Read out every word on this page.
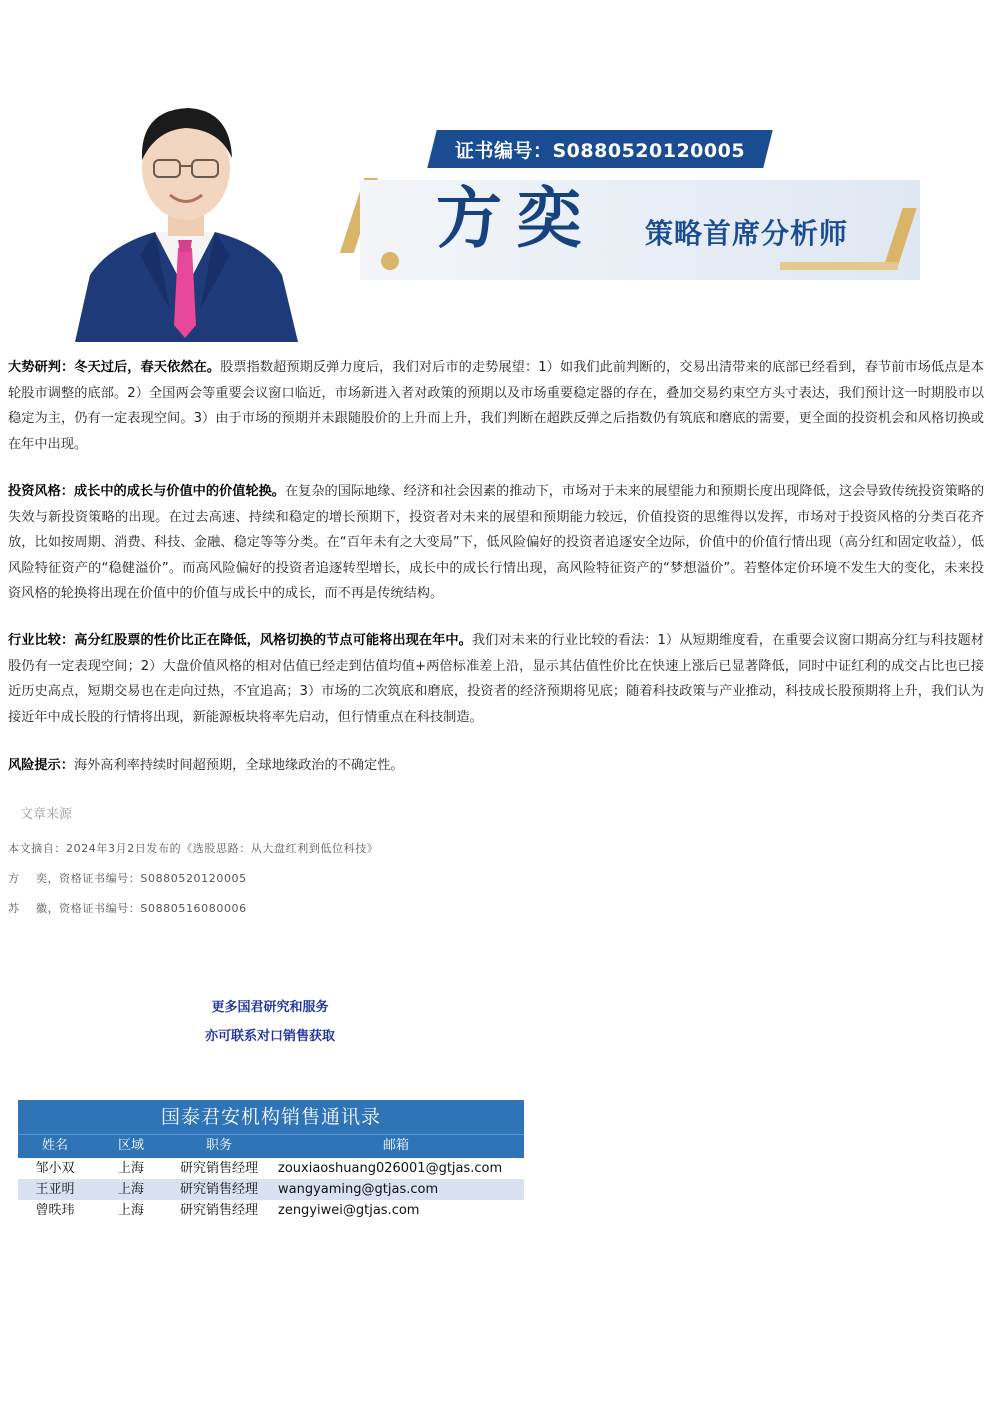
证书编号：S0880520120005
方奕 策略首席分析师

大势研判：冬天过后，春天依然在。股票指数超预期反弹力度后，我们对后市的走势展望：1）如我们此前判断的，交易出清带来的底部已经看到，春节前市场低点是本轮股市调整的底部。2）全国两会等重要会议窗口临近，市场新进入者对政策的预期以及市场重要稳定器的存在，叠加交易约束空方头寸表达，我们预计这一时期股市以稳定为主，仍有一定表现空间。3）由于市场的预期并未跟随股价的上升而上升，我们判断在超跌反弹之后指数仍有筑底和磨底的需要，更全面的投资机会和风格切换或在年中出现。

投资风格：成长中的成长与价值中的价值轮换。在复杂的国际地缘、经济和社会因素的推动下，市场对于未来的展望能力和预期长度出现降低，这会导致传统投资策略的失效与新投资策略的出现。在过去高速、持续和稳定的增长预期下，投资者对未来的展望和预期能力较远，价值投资的思维得以发挥，市场对于投资风格的分类百花齐放，比如按周期、消费、科技、金融、稳定等等分类。在“百年未有之大变局”下，低风险偏好的投资者追逐安全边际，价值中的价值行情出现（高分红和固定收益），低风险特征资产的“稳健溢价”。而高风险偏好的投资者追逐转型增长，成长中的成长行情出现，高风险特征资产的“梦想溢价”。若整体定价环境不发生大的变化，未来投资风格的轮换将出现在价值中的价值与成长中的成长，而不再是传统结构。

行业比较：高分红股票的性价比正在降低，风格切换的节点可能将出现在年中。我们对未来的行业比较的看法：1）从短期维度看，在重要会议窗口期高分红与科技题材股仍有一定表现空间；2）大盘价值风格的相对估值已经走到估值均值+两倍标准差上沿，显示其估值性价比在快速上涨后已显著降低，同时中证红利的成交占比也已接近历史高点，短期交易也在走向过热，不宜追高；3）市场的二次筑底和磨底，投资者的经济预期将见底；随着科技政策与产业推动，科技成长股预期将上升，我们认为接近年中成长股的行情将出现，新能源板块将率先启动，但行情重点在科技制造。

风险提示：海外高利率持续时间超预期，全球地缘政治的不确定性。

文章来源
本文摘自：2024年3月2日发布的《选股思路：从大盘红利到低位科技》
方    奕，资格证书编号：S0880520120005
苏    徽，资格证书编号：S0880516080006
更多国君研究和服务
亦可联系对口销售获取
国泰君安机构销售通讯录
姓名	区域	职务	邮箱
邹小双	上海	研究销售经理	zouxiaoshuang026001@gtjas.com
王亚明	上海	研究销售经理	wangyaming@gtjas.com
曾昳玮	上海	研究销售经理	zengyiwei@gtjas.com
